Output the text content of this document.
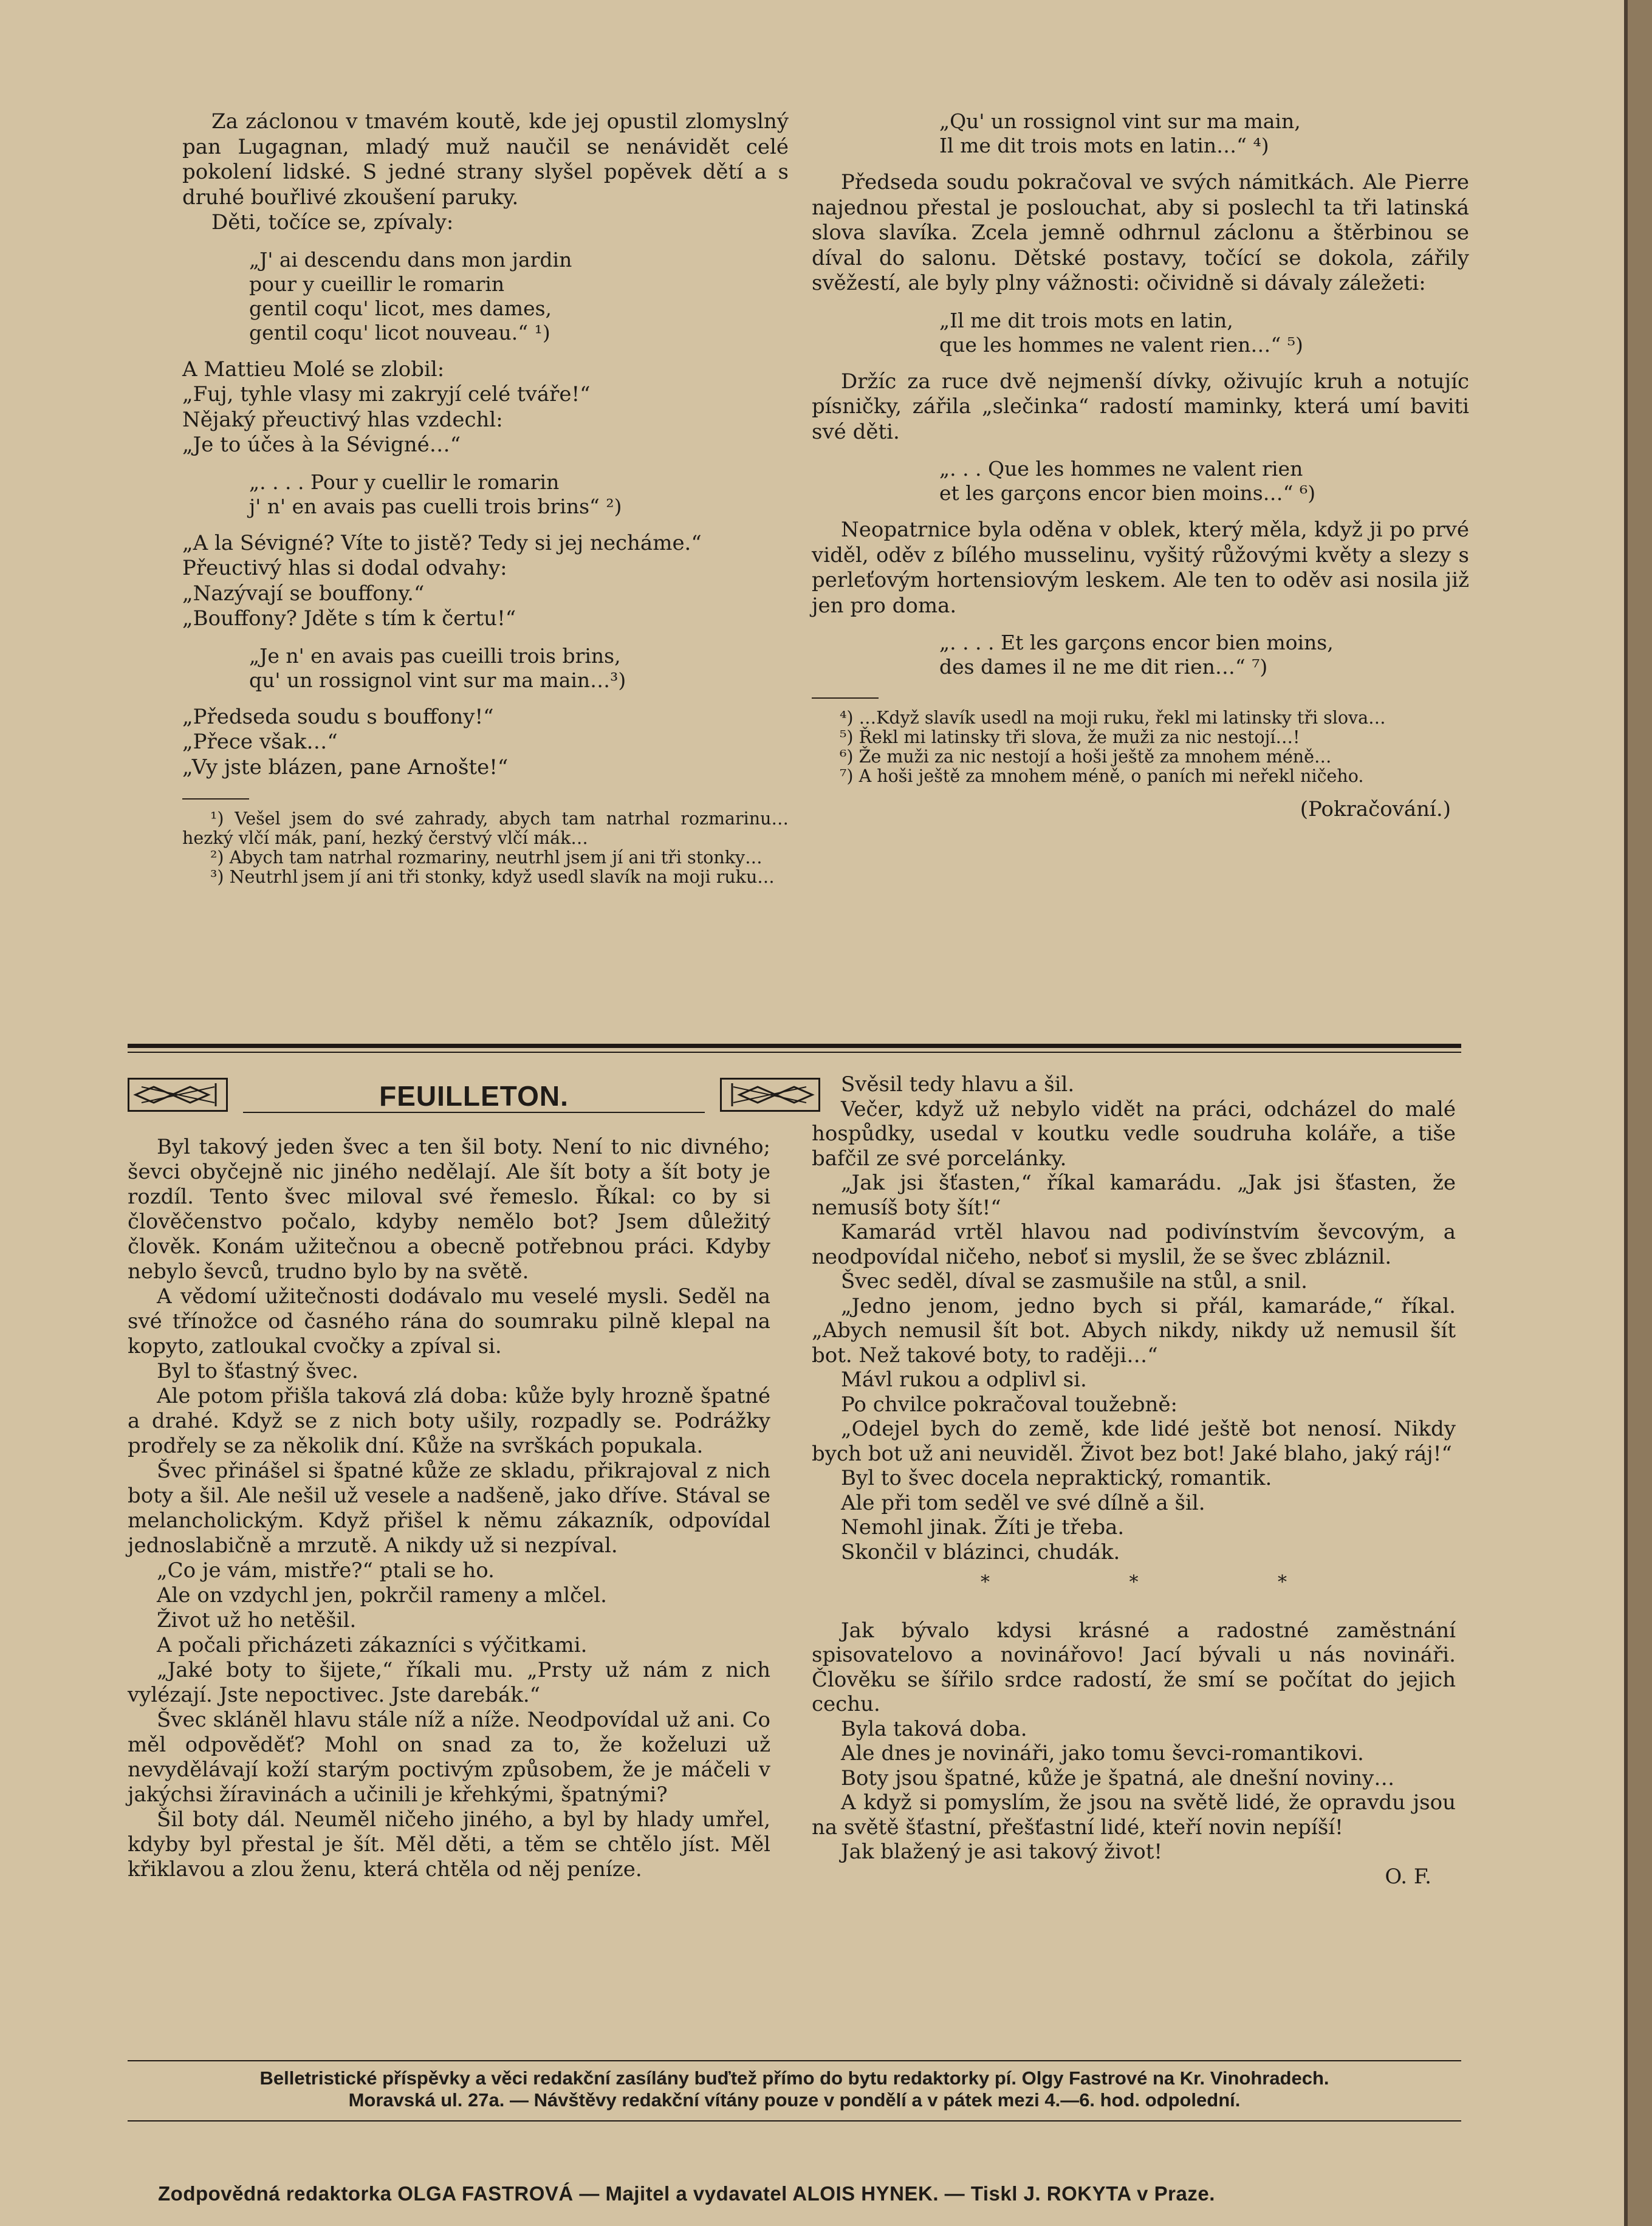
Za záclonou v tmavém koutě, kde jej opustil zlomyslný pan Lugagnan, mladý muž naučil se nenávidět celé pokolení lidské. S jedné strany slyšel popěvek dětí a s druhé bouřlivé zkoušení paruky.

Děti, točíce se, zpívaly:

„J' ai descendu dans mon jardin
pour y cueillir le romarin
gentil coqu' licot, mes dames,
gentil coqu' licot nouveau.“ ¹)

A Mattieu Molé se zlobil:

„Fuj, tyhle vlasy mi zakryjí celé tváře!“

Nějaký přeuctivý hlas vzdechl:

„Je to účes à la Sévigné…“

„. . . . Pour y cuellir le romarin
j' n' en avais pas cuelli trois brins“ ²)

„A la Sévigné? Víte to jistě? Tedy si jej necháme.“

Přeuctivý hlas si dodal odvahy:

„Nazývají se bouffony.“

„Bouffony? Jděte s tím k čertu!“

„Je n' en avais pas cueilli trois brins,
qu' un rossignol vint sur ma main…³)

„Předseda soudu s bouffony!“

„Přece však…“

„Vy jste blázen, pane Arnošte!“

¹) Vešel jsem do své zahrady, abych tam natrhal rozmarinu… hezký vlčí mák, paní, hezký čerstvý vlčí mák…

²) Abych tam natrhal rozmariny, neutrhl jsem jí ani tři stonky…

³) Neutrhl jsem jí ani tři stonky, když usedl slavík na moji ruku…

„Qu' un rossignol vint sur ma main,
Il me dit trois mots en latin…“ ⁴)

Předseda soudu pokračoval ve svých námitkách. Ale Pierre najednou přestal je poslouchat, aby si poslechl ta tři latinská slova slavíka. Zcela jemně odhrnul záclonu a štěrbinou se díval do salonu. Dětské postavy, točící se dokola, zářily svěžestí, ale byly plny vážnosti: očividně si dávaly záležeti:

„Il me dit trois mots en latin,
que les hommes ne valent rien…“ ⁵)

Držíc za ruce dvě nejmenší dívky, oživujíc kruh a notujíc písničky, zářila „slečinka“ radostí maminky, která umí baviti své děti.

„. . . Que les hommes ne valent rien
et les garçons encor bien moins…“ ⁶)

Neopatrnice byla oděna v oblek, který měla, když ji po prvé viděl, oděv z bílého musselinu, vyšitý růžovými květy a slezy s perleťovým hortensiovým leskem. Ale ten to oděv asi nosila již jen pro doma.

„. . . . Et les garçons encor bien moins,
des dames il ne me dit rien…“ ⁷)

⁴) …Když slavík usedl na moji ruku, řekl mi latinsky tři slova…

⁵) Řekl mi latinsky tři slova, že muži za nic nestojí…!

⁶) Že muži za nic nestojí a hoši ještě za mnohem méně…

⁷) A hoši ještě za mnohem méně, o paních mi neřekl ničeho.

(Pokračování.)

FEUILLETON.

Byl takový jeden švec a ten šil boty. Není to nic divného; ševci obyčejně nic jiného nedělají. Ale šít boty a šít boty je rozdíl. Tento švec miloval své řemeslo. Říkal: co by si člověčenstvo počalo, kdyby nemělo bot? Jsem důležitý člověk. Konám užitečnou a obecně potřebnou práci. Kdyby nebylo ševců, trudno bylo by na světě.

A vědomí užitečnosti dodávalo mu veselé mysli. Seděl na své třínožce od časného rána do soumraku pilně klepal na kopyto, zatloukal cvočky a zpíval si.

Byl to šťastný švec.

Ale potom přišla taková zlá doba: kůže byly hrozně špatné a drahé. Když se z nich boty ušily, rozpadly se. Podrážky prodřely se za několik dní. Kůže na svrškách popukala.

Švec přinášel si špatné kůže ze skladu, přikrajoval z nich boty a šil. Ale nešil už vesele a nadšeně, jako dříve. Stával se melancholickým. Když přišel k němu zákazník, odpovídal jednoslabičně a mrzutě. A nikdy už si nezpíval.

„Co je vám, mistře?“ ptali se ho.

Ale on vzdychl jen, pokrčil rameny a mlčel.

Život už ho netěšil.

A počali přicházeti zákazníci s výčitkami.

„Jaké boty to šijete,“ říkali mu. „Prsty už nám z nich vylézají. Jste nepoctivec. Jste darebák.“

Švec skláněl hlavu stále níž a níže. Neodpovídal už ani. Co měl odpověděť? Mohl on snad za to, že koželuzi už nevydělávají koží starým poctivým způsobem, že je máčeli v jakýchsi žíravinách a učinili je křehkými, špatnými?

Šil boty dál. Neuměl ničeho jiného, a byl by hlady umřel, kdyby byl přestal je šít. Měl děti, a těm se chtělo jíst. Měl křiklavou a zlou ženu, která chtěla od něj peníze.

Svěsil tedy hlavu a šil.

Večer, když už nebylo vidět na práci, odcházel do malé hospůdky, usedal v koutku vedle soudruha koláře, a tiše bafčil ze své porcelánky.

„Jak jsi šťasten,“ říkal kamarádu. „Jak jsi šťasten, že nemusíš boty šít!“

Kamarád vrtěl hlavou nad podivínstvím ševcovým, a neodpovídal ničeho, neboť si myslil, že se švec zbláznil.

Švec seděl, díval se zasmušile na stůl, a snil.

„Jedno jenom, jedno bych si přál, kamaráde,“ říkal. „Abych nemusil šít bot. Abych nikdy, nikdy už nemusil šít bot. Než takové boty, to raději…“

Mávl rukou a odplivl si.

Po chvilce pokračoval toužebně:

„Odejel bych do země, kde lidé ještě bot nenosí. Nikdy bych bot už ani neuviděl. Život bez bot! Jaké blaho, jaký ráj!“

Byl to švec docela nepraktický, romantik.

Ale při tom seděl ve své dílně a šil.

Nemohl jinak. Žíti je třeba.

Skončil v blázinci, chudák.

* * *

Jak bývalo kdysi krásné a radostné zaměstnání spisovatelovo a novinářovo! Jací bývali u nás novináři. Člověku se šířilo srdce radostí, že smí se počítat do jejich cechu.

Byla taková doba.

Ale dnes je novináři, jako tomu ševci-romantikovi.

Boty jsou špatné, kůže je špatná, ale dnešní noviny…

A když si pomyslím, že jsou na světě lidé, že opravdu jsou na světě šťastní, přešťastní lidé, kteří novin nepíší!

Jak blažený je asi takový život!

O. F.

Belletristické příspěvky a věci redakční zasílány buďtež přímo do bytu redaktorky pí. Olgy Fastrové na Kr. Vinohradech.
Moravská ul. 27a. — Návštěvy redakční vítány pouze v pondělí a v pátek mezi 4.—6. hod. odpolední.
Zodpovědná redaktorka OLGA FASTROVÁ — Majitel a vydavatel ALOIS HYNEK. — Tiskl J. ROKYTA v Praze.
